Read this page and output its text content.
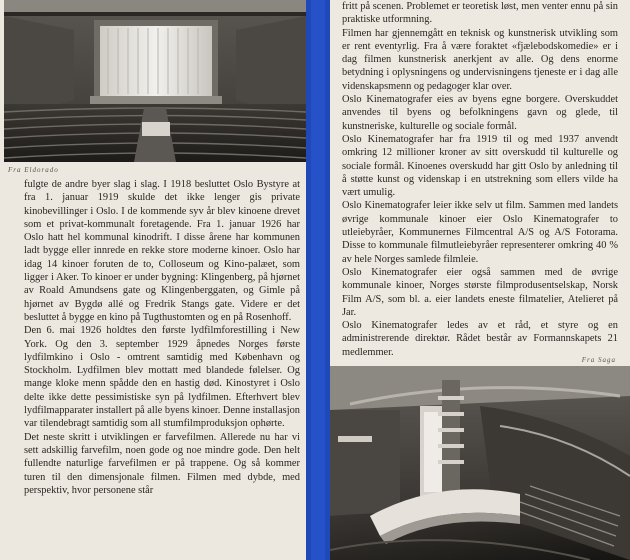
Fra Eldorado

fulgte de andre byer slag i slag. I 1918 besluttet Oslo Bystyre at fra 1. januar 1919 skulde det ikke lenger gis private kinobevillinger i Oslo. I de kommende syv år blev kinoene drevet som et privat-kommunalt foretagende. Fra 1. januar 1926 har Oslo hatt hel kommunal kinodrift. I disse årene har kommunen ladt bygge eller innrede en rekke store moderne kinoer. Oslo har idag 14 kinoer foruten de to, Colloseum og Kino-palæet, som ligger i Aker. To kinoer er under bygning: Klingenberg, på hjørnet av Roald Amundsens gate og Klingenberggaten, og Gimle på hjørnet av Bygdø allé og Fredrik Stangs gate. Videre er det besluttet å bygge en kino på Tugthustomten og en på Rosenhoff.

Den 6. mai 1926 holdtes den første lydfilmforestilling i New York. Og den 3. september 1929 åpnedes Norges første lydfilmkino i Oslo - omtrent samtidig med København og Stockholm. Lydfilmen blev mottatt med blandede følelser. Og mange kloke menn spådde den en hastig død. Kinostyret i Oslo delte ikke dette pessimistiske syn på lydfilmen. Efterhvert blev lydfilmapparater installert på alle byens kinoer. Denne installasjon var tilendebragt samtidig som all stumfilmproduksjon ophørte.

Det neste skritt i utviklingen er farvefilmen. Allerede nu har vi sett adskillig farvefilm, noen gode og noe mindre gode. Den helt fullendte naturlige farvefilmen er på trappene. Og så kommer turen til den dimensjonale filmen. Filmen med dybde, med perspektiv, hvor personene står

fritt på scenen. Problemet er teoretisk løst, men venter ennu på sin praktiske utformning.

Filmen har gjennemgått en teknisk og kunstnerisk utvikling som er rent eventyrlig. Fra å være foraktet «fjælebodskomedie» er i dag filmen kunstnerisk anerkjent av alle. Og dens enorme betydning i oplysningens og undervisningens tjeneste er i dag alle videnskapsmenn og pedagoger klar over.

Oslo Kinematografer eies av byens egne borgere. Overskuddet anvendes til byens og befolkningens gavn og glede, til kunstneriske, kulturelle og sociale formål.

Oslo Kinematografer har fra 1919 til og med 1937 anvendt omkring 12 millioner kroner av sitt overskudd til kulturelle og sociale formål. Kinoenes overskudd har gitt Oslo by anledning til å støtte kunst og videnskap i en utstrekning som ellers vilde ha vært umulig.

Oslo Kinematografer leier ikke selv ut film. Sammen med landets øvrige kommunale kinoer eier Oslo Kinematografer to utleiebyråer, Kommunernes Filmcentral A/S og A/S Fotorama. Disse to kommunale filmutleiebyråer representerer omkring 40 % av hele Norges samlede filmleie.

Oslo Kinematografer eier også sammen med de øvrige kommunale kinoer, Norges største filmprodusentselskap, Norsk Film A/S, som bl. a. eier landets eneste filmatelier, Atelieret på Jar.

Oslo Kinematografer ledes av et råd, et styre og en administrerende direktør. Rådet består av Formannskapets 21 medlemmer.

Fra Saga
